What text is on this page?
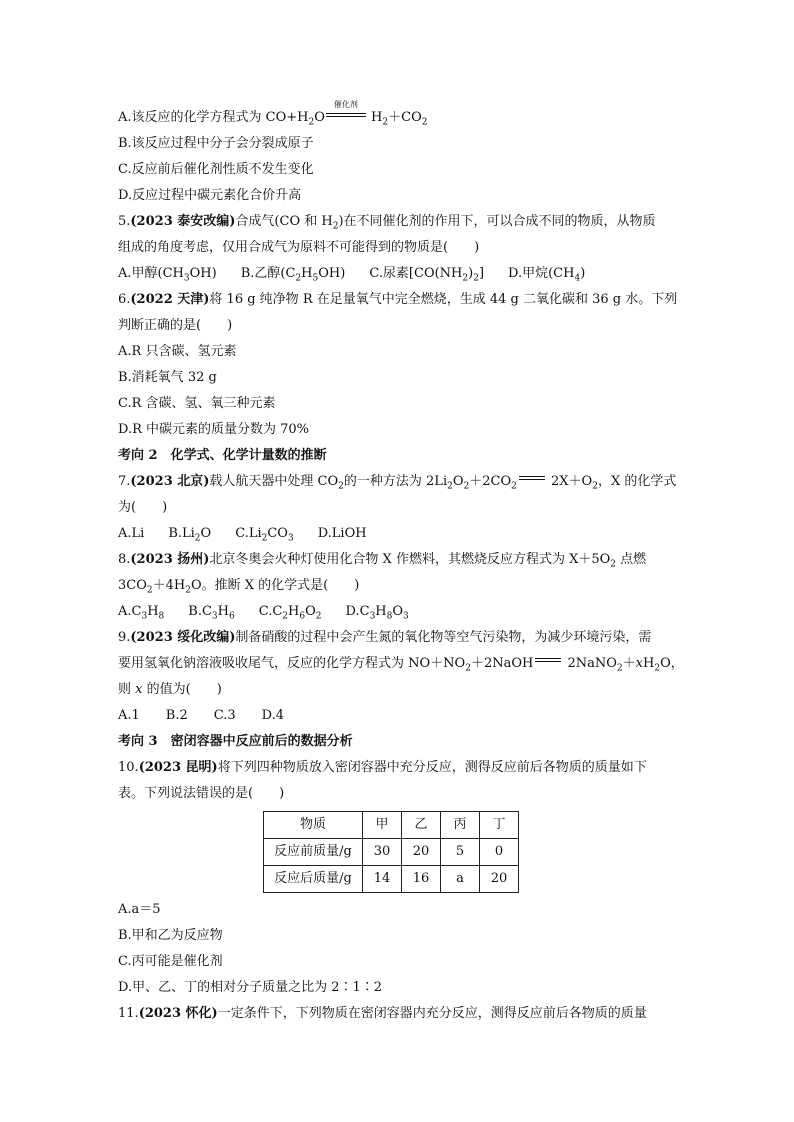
A.该反应的化学方程式为 $CO+H_2O$
催化剂
$H_2+CO_2$
B.该反应过程中分子会分裂成原子
C.反应前后催化剂性质不发生变化
D.反应过程中碳元素化合价升高
5.(2023 泰安改编)合成气(CO 和 $H_2$)在不同催化剂的作用下，可以合成不同的物质，从物质
组成的角度考虑，仅用合成气为原料不可能得到的物质是(　　)
A.甲醇$(CH_3OH)$ B.乙醇$(C_2H_5OH)$ C.尿素$[CO(NH_2)_2]$ D.甲烷$(CH_4)$
6.(2022 天津)将 16 g 纯净物 R 在足量氧气中完全燃烧，生成 44 g 二氧化碳和 36 g 水。下列
判断正确的是(　　)
A.R 只含碳、氢元素
B.消耗氧气 32 g
C.R 含碳、氢、氧三种元素
D.R 中碳元素的质量分数为 70%
考向 2　化学式、化学计量数的推断
7.(2023 北京)载人航天器中处理 $CO_2$的一种方法为 $2Li_2O_2+2CO_2$ $2X+O_2$，X 的化学式
为(　　)
A.Li $B.Li_2O$ $C.Li_2CO_3$ D.LiOH
8.(2023 扬州)北京冬奥会火种灯使用化合物 X 作燃料，其燃烧反应方程式为 $X+5O_2$ 点燃
$3CO_2+4H_2O$。推断 X 的化学式是(　　)
$A.C_3H_8$ $B.C_3H_6$ $C.C_2H_6O_2$ $D.C_3H_8O_3$
9.(2023 绥化改编)制备硝酸的过程中会产生氮的氧化物等空气污染物，为减少环境污染，需
要用氢氧化钠溶液吸收尾气，反应的化学方程式为 $NO+NO_2+2NaOH$ $2NaNO_2+xH_2O$，
则 x 的值为(　　)
A.1　　B.2　　C.3　　D.4
考向 3　密闭容器中反应前后的数据分析
10.(2023 昆明)将下列四种物质放入密闭容器中充分反应，测得反应前后各物质的质量如下
表。下列说法错误的是(　　)
物质	甲	乙	丙	丁
反应前质量/g	30	20	5	0
反应后质量/g	14	16	a	20
A.a＝5
B.甲和乙为反应物
C.丙可能是催化剂
D.甲、乙、丁的相对分子质量之比为 2∶1∶2
11.(2023 怀化)一定条件下，下列物质在密闭容器内充分反应，测得反应前后各物质的质量
